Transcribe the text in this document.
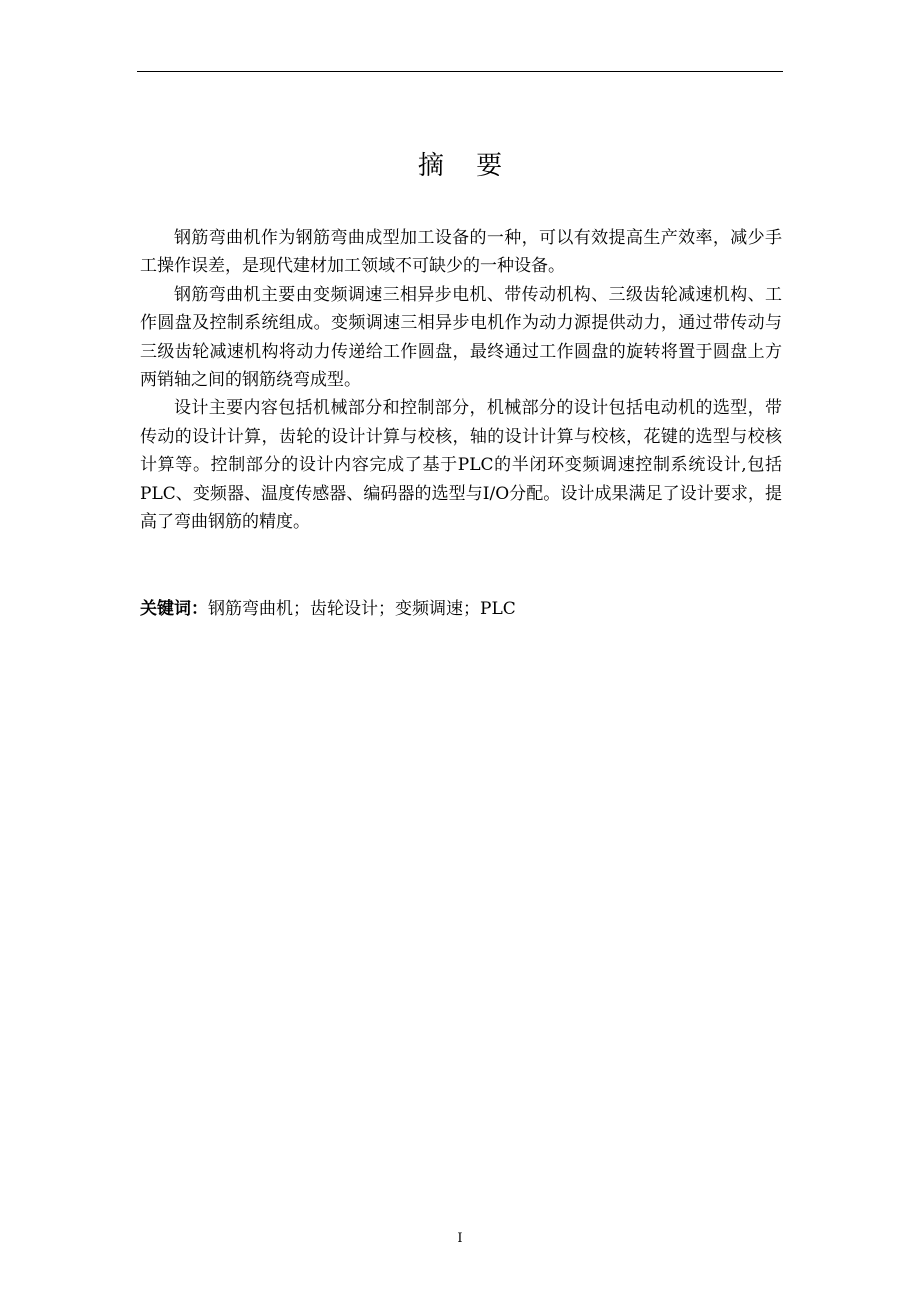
摘 要

钢筋弯曲机作为钢筋弯曲成型加工设备的一种，可以有效提高生产效率，减少手工操作误差，是现代建材加工领域不可缺少的一种设备。

钢筋弯曲机主要由变频调速三相异步电机、带传动机构、三级齿轮减速机构、工作圆盘及控制系统组成。变频调速三相异步电机作为动力源提供动力，通过带传动与三级齿轮减速机构将动力传递给工作圆盘，最终通过工作圆盘的旋转将置于圆盘上方两销轴之间的钢筋绕弯成型。

设计主要内容包括机械部分和控制部分，机械部分的设计包括电动机的选型，带传动的设计计算，齿轮的设计计算与校核，轴的设计计算与校核，花键的选型与校核计算等。控制部分的设计内容完成了基于PLC的半闭环变频调速控制系统设计,包括PLC、变频器、温度传感器、编码器的选型与I/O分配。设计成果满足了设计要求，提高了弯曲钢筋的精度。

关键词：钢筋弯曲机；齿轮设计；变频调速；PLC
I
